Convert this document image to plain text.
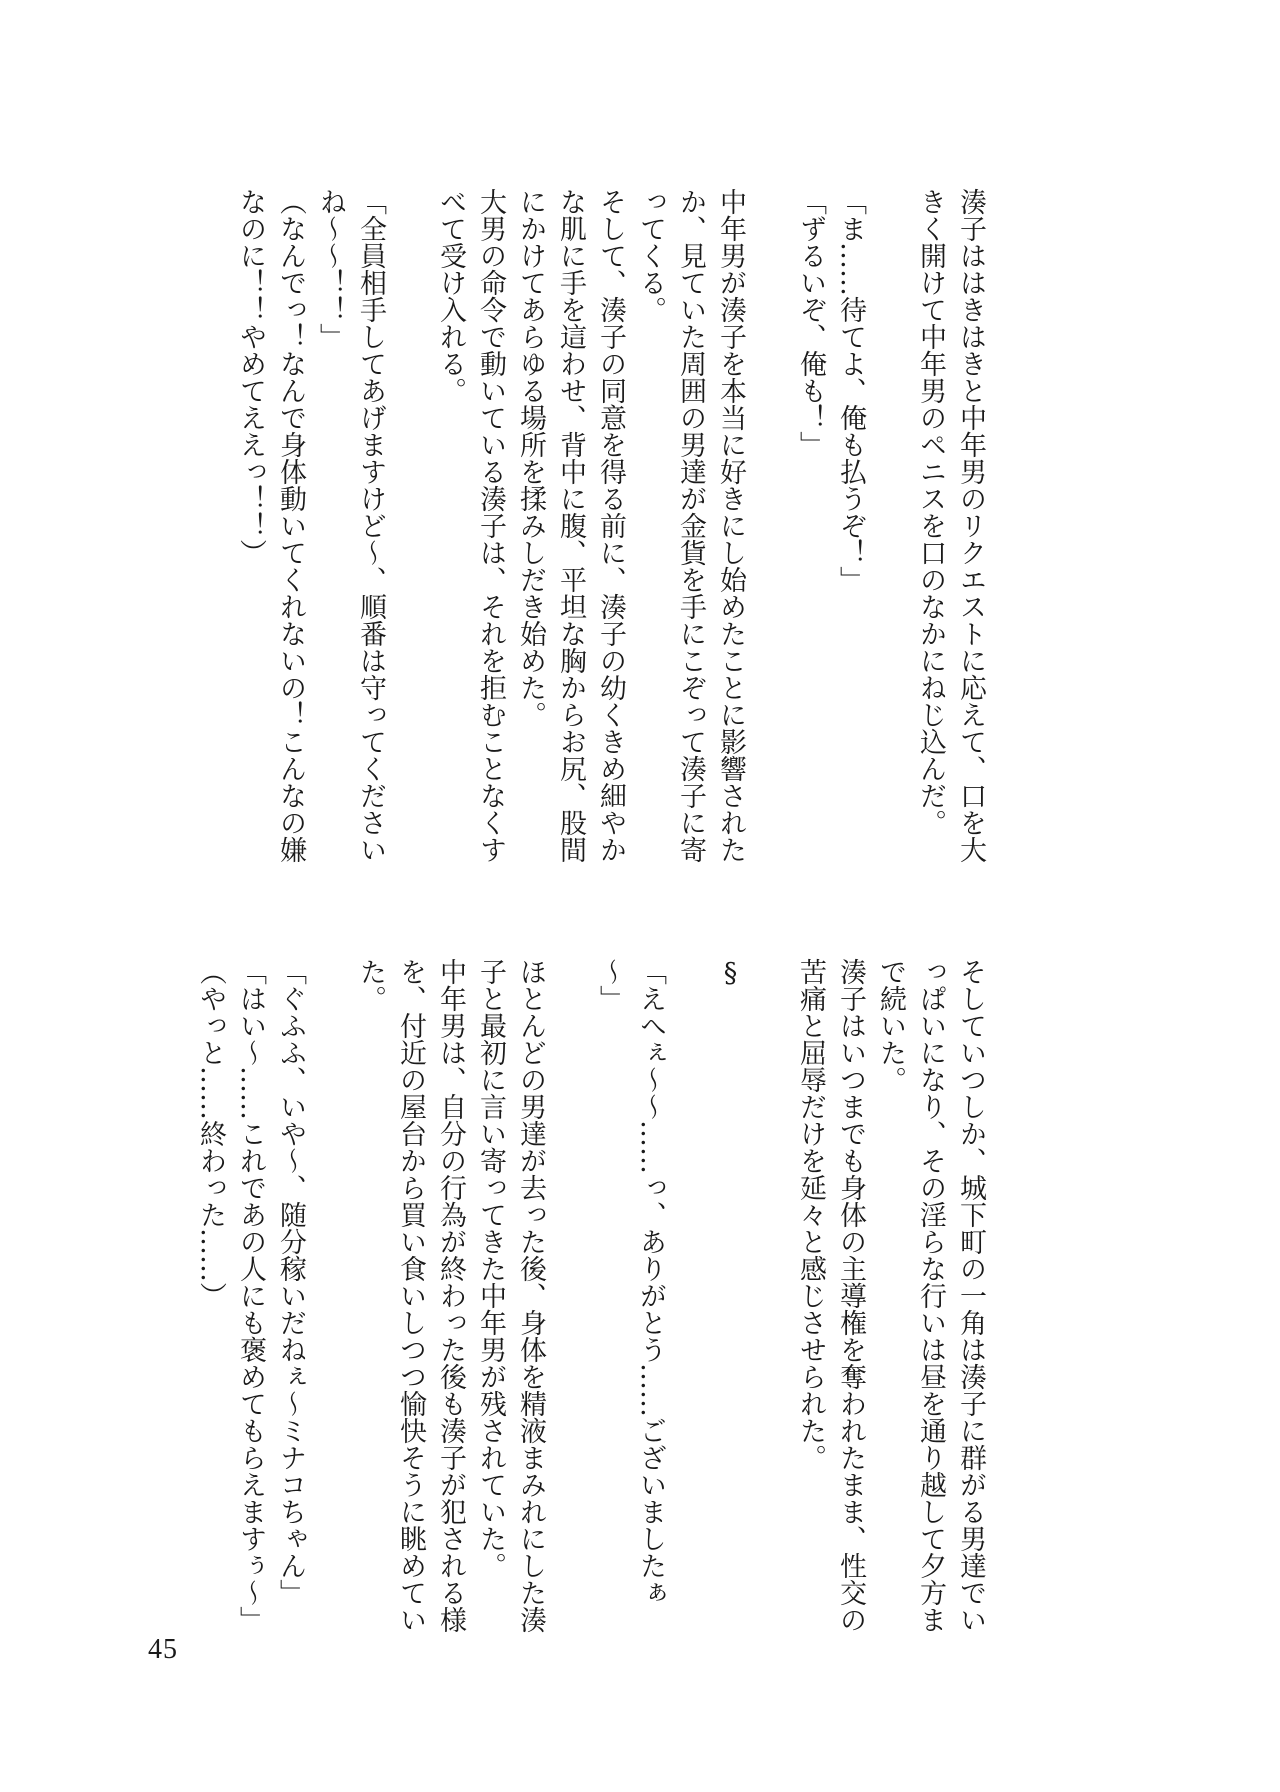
湊子ははきはきと中年男のリクエストに応えて、口を大きく開けて中年男のペニスを口のなかにねじ込んだ。

「ま……待てよ、俺も払うぞ！」

「ずるいぞ、俺も！」

中年男が湊子を本当に好きにし始めたことに影響されたか、見ていた周囲の男達が金貨を手にこぞって湊子に寄ってくる。

そして、湊子の同意を得る前に、湊子の幼くきめ細やかな肌に手を這わせ、背中に腹、平坦な胸からお尻、股間にかけてあらゆる場所を揉みしだき始めた。

大男の命令で動いている湊子は、それを拒むことなくすべて受け入れる。

「全員相手してあげますけど～、順番は守ってくださいね～～！！」

（なんでっ！なんで身体動いてくれないの！こんなの嫌なのに！！やめてええっ！！）

そしていつしか、城下町の一角は湊子に群がる男達でいっぱいになり、その淫らな行いは昼を通り越して夕方まで続いた。

湊子はいつまでも身体の主導権を奪われたまま、性交の苦痛と屈辱だけを延々と感じさせられた。

§

「えへぇ～～……っ、ありがとう……ございましたぁ～」

ほとんどの男達が去った後、身体を精液まみれにした湊子と最初に言い寄ってきた中年男が残されていた。

中年男は、自分の行為が終わった後も湊子が犯される様を、付近の屋台から買い食いしつつ愉快そうに眺めていた。

「ぐふふ、いや～、随分稼いだねぇ～ミナコちゃん」

「はい～……これであの人にも褒めてもらえますぅ～」

（やっと……終わった……）

45
